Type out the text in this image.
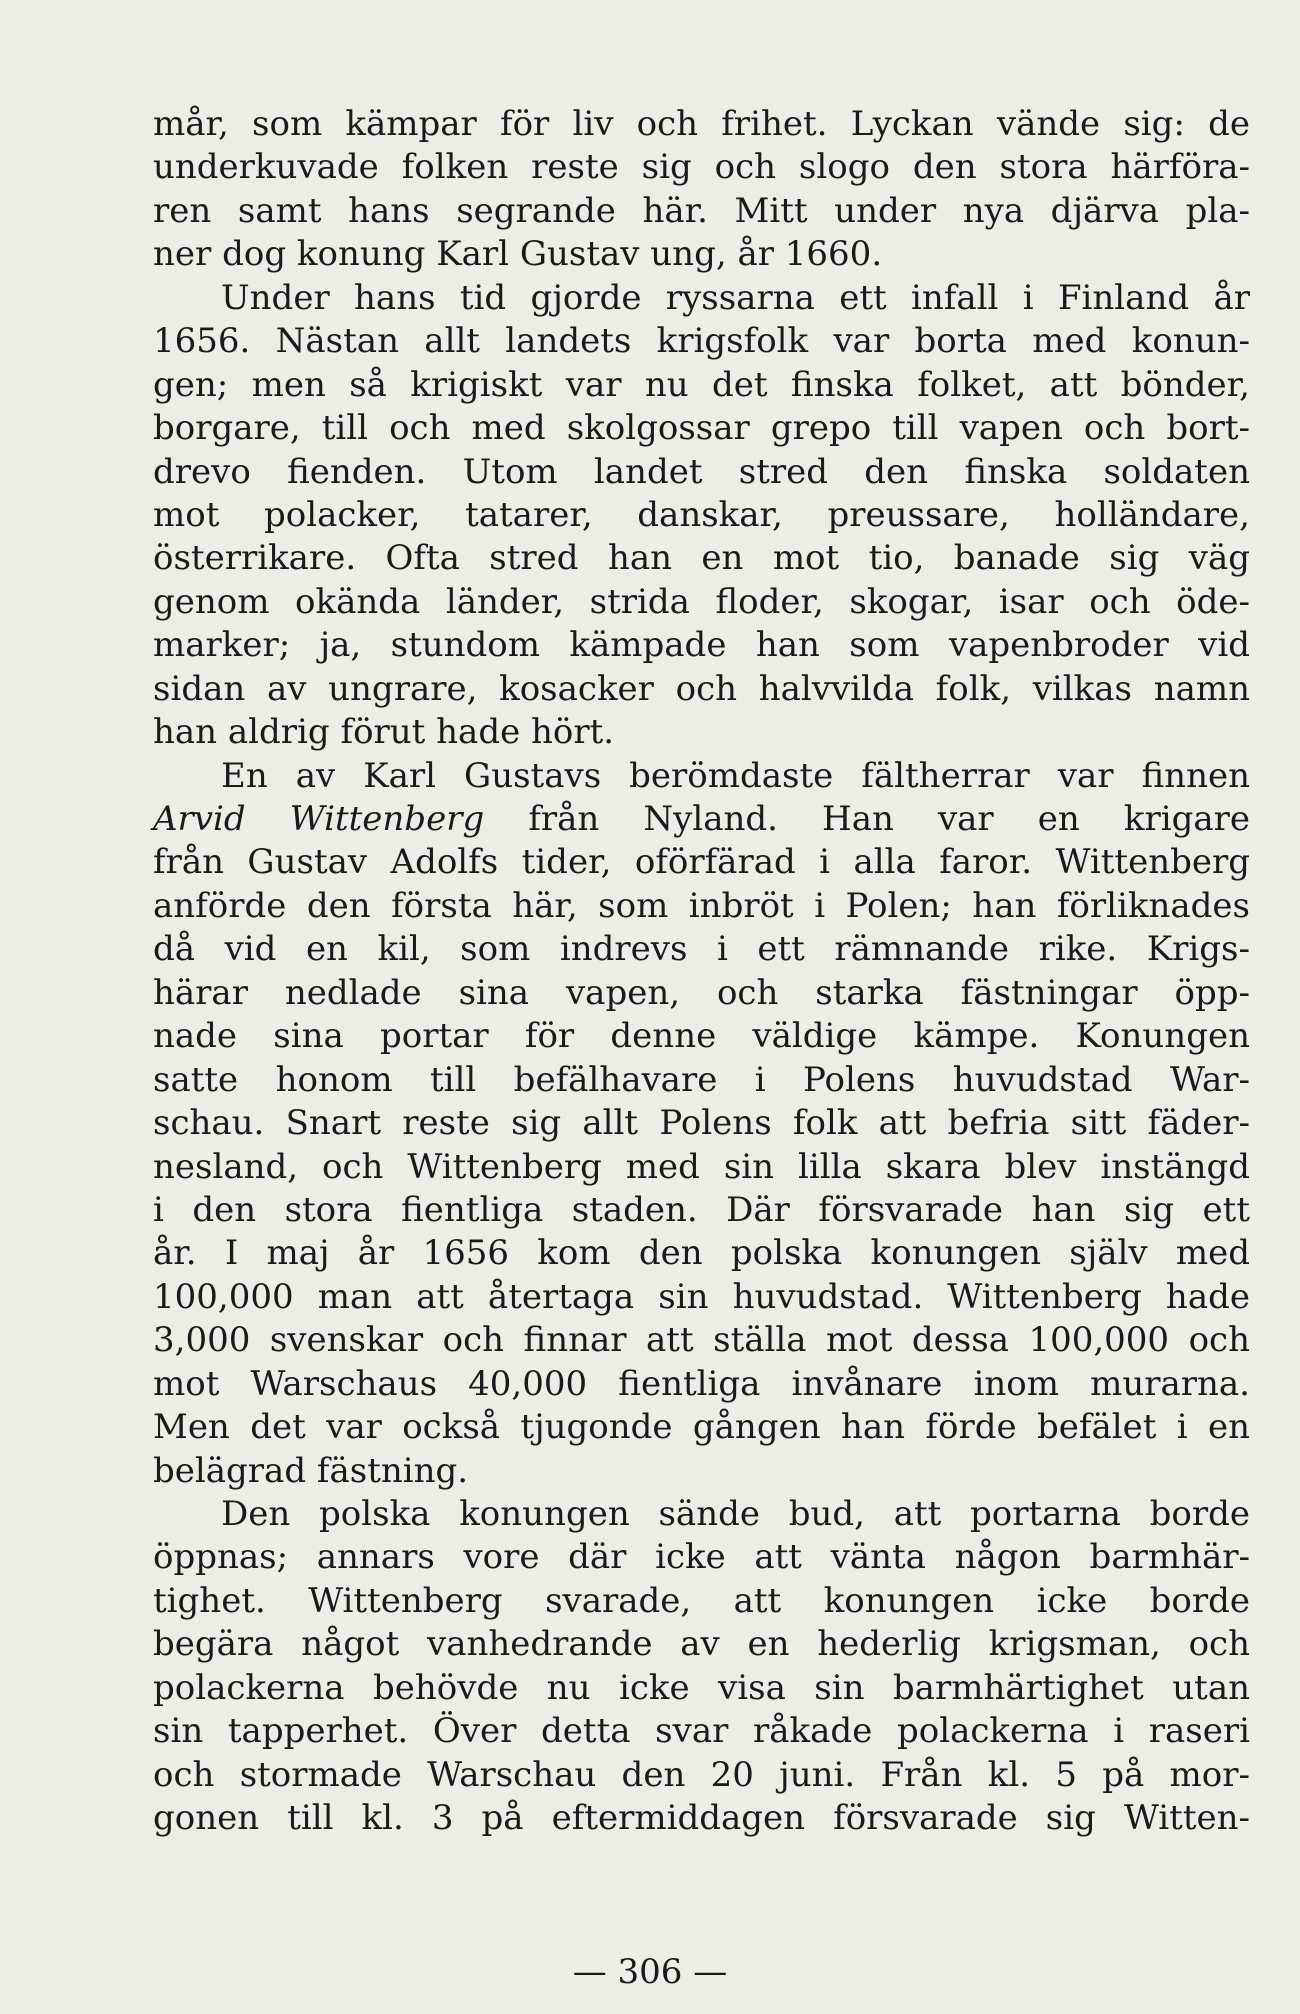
mår, som kämpar för liv och frihet. Lyckan vände sig: de
underkuvade folken reste sig och slogo den stora härföra-
ren samt hans segrande här. Mitt under nya djärva pla-
ner dog konung Karl Gustav ung, år 1660.
Under hans tid gjorde ryssarna ett infall i Finland år
1656. Nästan allt landets krigsfolk var borta med konun-
gen; men så krigiskt var nu det finska folket, att bönder,
borgare, till och med skolgossar grepo till vapen och bort-
drevo fienden. Utom landet stred den finska soldaten
mot polacker, tatarer, danskar, preussare, holländare,
österrikare. Ofta stred han en mot tio, banade sig väg
genom okända länder, strida floder, skogar, isar och öde-
marker; ja, stundom kämpade han som vapenbroder vid
sidan av ungrare, kosacker och halvvilda folk, vilkas namn
han aldrig förut hade hört.
En av Karl Gustavs berömdaste fältherrar var finnen
Arvid Wittenberg från Nyland. Han var en krigare
från Gustav Adolfs tider, oförfärad i alla faror. Wittenberg
anförde den första här, som inbröt i Polen; han förliknades
då vid en kil, som indrevs i ett rämnande rike. Krigs-
härar nedlade sina vapen, och starka fästningar öpp-
nade sina portar för denne väldige kämpe. Konungen
satte honom till befälhavare i Polens huvudstad War-
schau. Snart reste sig allt Polens folk att befria sitt fäder-
nesland, och Wittenberg med sin lilla skara blev instängd
i den stora fientliga staden. Där försvarade han sig ett
år. I maj år 1656 kom den polska konungen själv med
100,000 man att återtaga sin huvudstad. Wittenberg hade
3,000 svenskar och finnar att ställa mot dessa 100,000 och
mot Warschaus 40,000 fientliga invånare inom murarna.
Men det var också tjugonde gången han förde befälet i en
belägrad fästning.
Den polska konungen sände bud, att portarna borde
öppnas; annars vore där icke att vänta någon barmhär-
tighet. Wittenberg svarade, att konungen icke borde
begära något vanhedrande av en hederlig krigsman, och
polackerna behövde nu icke visa sin barmhärtighet utan
sin tapperhet. Över detta svar råkade polackerna i raseri
och stormade Warschau den 20 juni. Från kl. 5 på mor-
gonen till kl. 3 på eftermiddagen försvarade sig Witten-
— 306 —
